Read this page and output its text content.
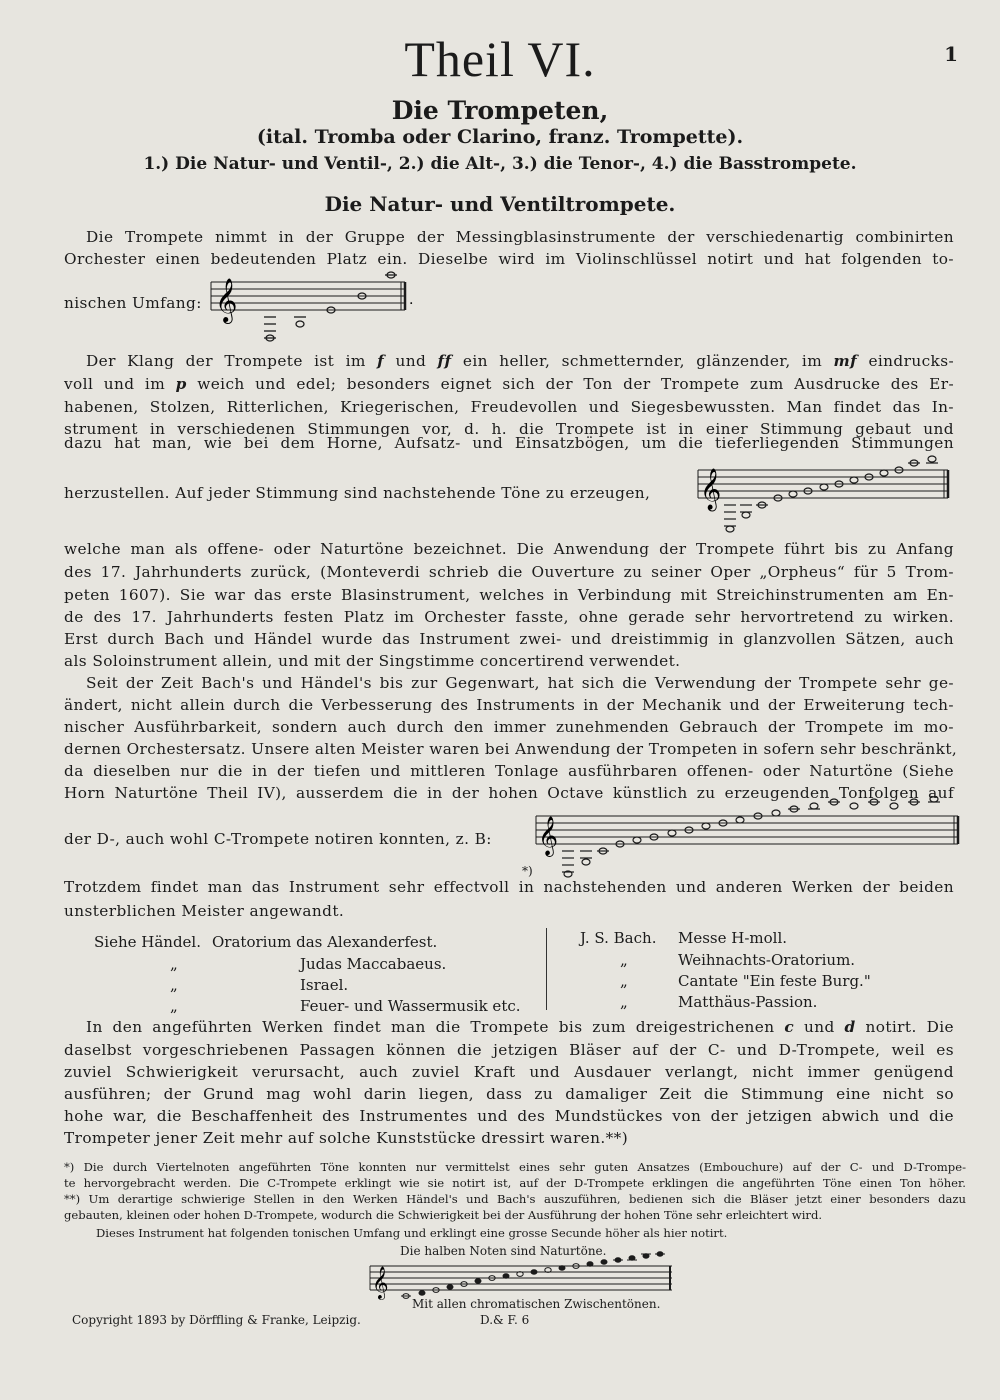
Theil VI.	1
Die Trompeten,
(ital. Tromba oder Clarino, franz. Trompette).
1.) Die Natur- und Ventil-, 2.) die Alt-, 3.) die Tenor-, 4.) die Basstrompete.
Die Natur- und Ventiltrompete.
Die Trompete nimmt in der Gruppe der Messingblasinstrumente der verschiedenartig combinirten
Orchester einen bedeutenden Platz ein. Dieselbe wird im Violinschlüssel notirt und hat folgenden to-
nischen Umfang: 𝄞	.
Der Klang der Trompete ist im f und ff ein heller, schmetternder, glänzender, im mf eindrucks-
voll und im p weich und edel; besonders eignet sich der Ton der Trompete zum Ausdrucke des Er-
habenen, Stolzen, Ritterlichen, Kriegerischen, Freudevollen und Siegesbewussten. Man findet das In-
strument in verschiedenen Stimmungen vor, d. h. die Trompete ist in einer Stimmung gebaut und
dazu hat man, wie bei dem Horne, Aufsatz- und Einsatzbögen, um die tieferliegenden Stimmungen
herzustellen. Auf jeder Stimmung sind nachstehende Töne zu erzeugen,	𝄞
welche man als offene- oder Naturtöne bezeichnet. Die Anwendung der Trompete führt bis zu Anfang
des 17. Jahrhunderts zurück, (Monteverdi schrieb die Ouverture zu seiner Oper „Orpheus“ für 5 Trom-
peten 1607). Sie war das erste Blasinstrument, welches in Verbindung mit Streichinstrumenten am En-
de des 17. Jahrhunderts festen Platz im Orchester fasste, ohne gerade sehr hervortretend zu wirken.
Erst durch Bach und Händel wurde das Instrument zwei- und dreistimmig in glanzvollen Sätzen, auch
als Soloinstrument allein, und mit der Singstimme concertirend verwendet.
Seit der Zeit Bach's und Händel's bis zur Gegenwart, hat sich die Verwendung der Trompete sehr ge-
ändert, nicht allein durch die Verbesserung des Instruments in der Mechanik und der Erweiterung tech-
nischer Ausführbarkeit, sondern auch durch den immer zunehmenden Gebrauch der Trompete im mo-
dernen Orchestersatz. Unsere alten Meister waren bei Anwendung der Trompeten in sofern sehr beschränkt,
da dieselben nur die in der tiefen und mittleren Tonlage ausführbaren offenen- oder Naturtöne (Siehe
Horn Naturtöne Theil IV), ausserdem die in der hohen Octave künstlich zu erzeugenden Tonfolgen auf
der D-, auch wohl C-Trompete notiren konnten, z. B:
*)
𝄞
Trotzdem findet man das Instrument sehr effectvoll in nachstehenden und anderen Werken der beiden
unsterblichen Meister angewandt.
Siehe Händel. Oratorium das Alexanderfest.
„	Judas Maccabaeus.
„	Israel.
„	Feuer- und Wassermusik etc.
J. S. Bach. Messe H-moll.
„	Weihnachts-Oratorium.
„	Cantate "Ein feste Burg."
„	Matthäus-Passion.
In den angeführten Werken findet man die Trompete bis zum dreigestrichenen c und d notirt. Die
daselbst vorgeschriebenen Passagen können die jetzigen Bläser auf der C- und D-Trompete, weil es
zuviel Schwierigkeit verursacht, auch zuviel Kraft und Ausdauer verlangt, nicht immer genügend
ausführen; der Grund mag wohl darin liegen, dass zu damaliger Zeit die Stimmung eine nicht so
hohe war, die Beschaffenheit des Instrumentes und des Mundstückes von der jetzigen abwich und die
Trompeter jener Zeit mehr auf solche Kunststücke dressirt waren.**)
*) Die durch Viertelnoten angeführten Töne konnten nur vermittelst eines sehr guten Ansatzes (Embouchure) auf der C- und D-Trompe-
te hervorgebracht werden. Die C-Trompete erklingt wie sie notirt ist, auf der D-Trompete erklingen die angeführten Töne einen Ton höher.
**) Um derartige schwierige Stellen in den Werken Händel's und Bach's auszuführen, bedienen sich die Bläser jetzt einer besonders dazu
gebauten, kleinen oder hohen D-Trompete, wodurch die Schwierigkeit bei der Ausführung der hohen Töne sehr erleichtert wird.
Dieses Instrument hat folgenden tonischen Umfang und erklingt eine grosse Secunde höher als hier notirt.
Die halben Noten sind Naturtöne.
𝄞
Mit allen chromatischen Zwischentönen.
Copyright 1893 by Dörffling & Franke, Leipzig.	D.& F. 6
